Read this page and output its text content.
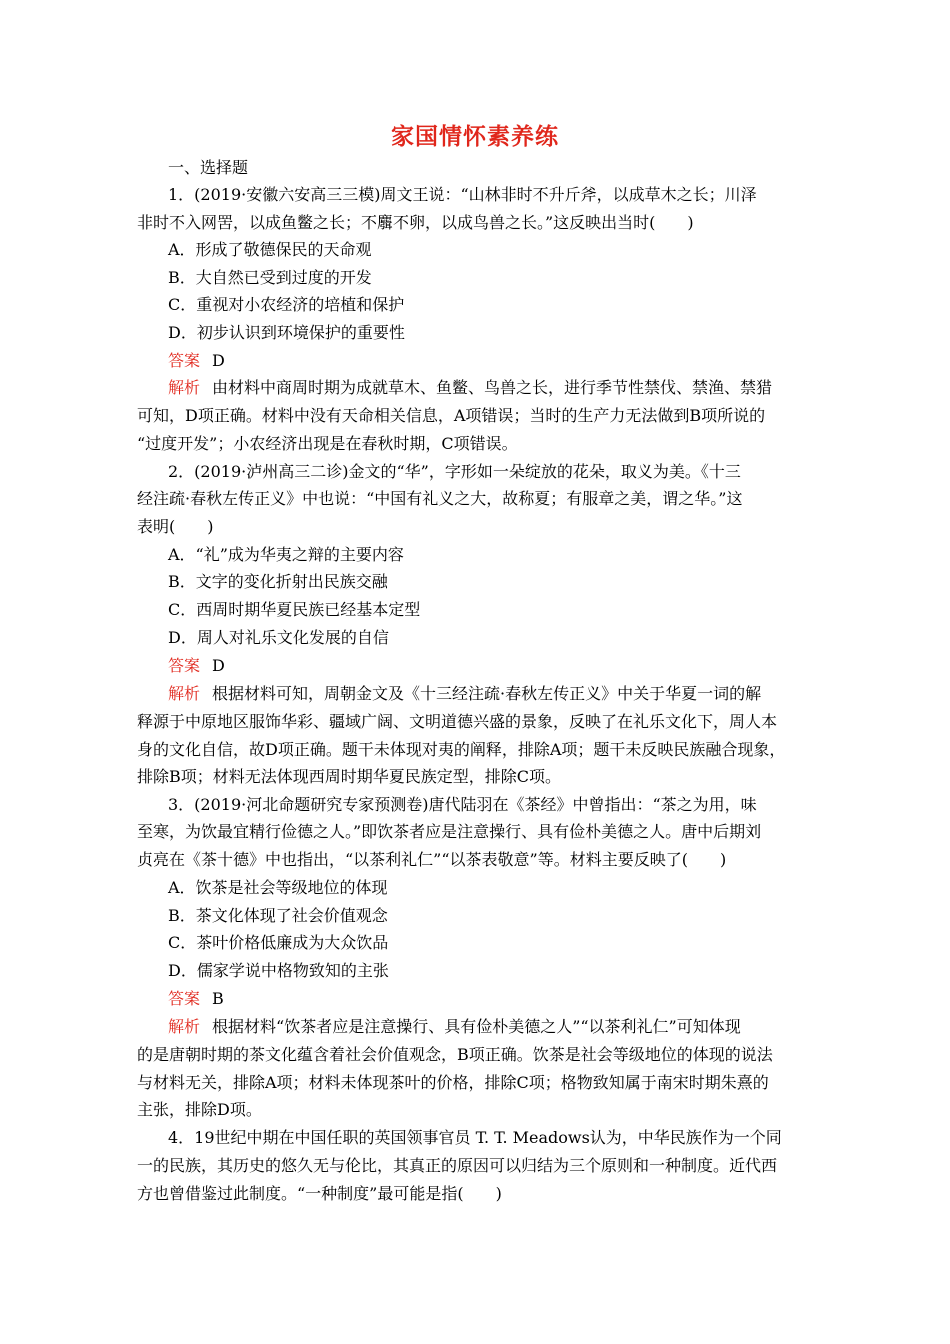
家国情怀素养练
一、选择题
1．(2019·安徽六安高三三模)周文王说：“山林非时不升斤斧，以成草木之长；川泽
非时不入网罟，以成鱼鳖之长；不麛不卵，以成鸟兽之长。”这反映出当时(　　)
A．形成了敬德保民的天命观
B．大自然已受到过度的开发
C．重视对小农经济的培植和保护
D．初步认识到环境保护的重要性
答案 D
解析 由材料中商周时期为成就草木、鱼鳖、鸟兽之长，进行季节性禁伐、禁渔、禁猎
可知，D项正确。材料中没有天命相关信息，A项错误；当时的生产力无法做到B项所说的
“过度开发”；小农经济出现是在春秋时期，C项错误。
2．(2019·泸州高三二诊)金文的“华”，字形如一朵绽放的花朵，取义为美。《十三
经注疏·春秋左传正义》中也说：“中国有礼义之大，故称夏；有服章之美，谓之华。”这
表明(　　)
A．“礼”成为华夷之辩的主要内容
B．文字的变化折射出民族交融
C．西周时期华夏民族已经基本定型
D．周人对礼乐文化发展的自信
答案 D
解析 根据材料可知，周朝金文及《十三经注疏·春秋左传正义》中关于华夏一词的解
释源于中原地区服饰华彩、疆域广阔、文明道德兴盛的景象，反映了在礼乐文化下，周人本
身的文化自信，故D项正确。题干未体现对夷的阐释，排除A项；题干未反映民族融合现象，
排除B项；材料无法体现西周时期华夏民族定型，排除C项。
3．(2019·河北命题研究专家预测卷)唐代陆羽在《茶经》中曾指出：“茶之为用，味
至寒，为饮最宜精行俭德之人。”即饮茶者应是注意操行、具有俭朴美德之人。唐中后期刘
贞亮在《茶十德》中也指出，“以茶利礼仁”“以茶表敬意”等。材料主要反映了(　　)
A．饮茶是社会等级地位的体现
B．茶文化体现了社会价值观念
C．茶叶价格低廉成为大众饮品
D．儒家学说中格物致知的主张
答案 B
解析 根据材料“饮茶者应是注意操行、具有俭朴美德之人”“以茶利礼仁”可知体现
的是唐朝时期的茶文化蕴含着社会价值观念，B项正确。饮茶是社会等级地位的体现的说法
与材料无关，排除A项；材料未体现茶叶的价格，排除C项；格物致知属于南宋时期朱熹的
主张，排除D项。
4．19世纪中期在中国任职的英国领事官员 T. T. Meadows认为，中华民族作为一个同
一的民族，其历史的悠久无与伦比，其真正的原因可以归结为三个原则和一种制度。近代西
方也曾借鉴过此制度。“一种制度”最可能是指(　　)
